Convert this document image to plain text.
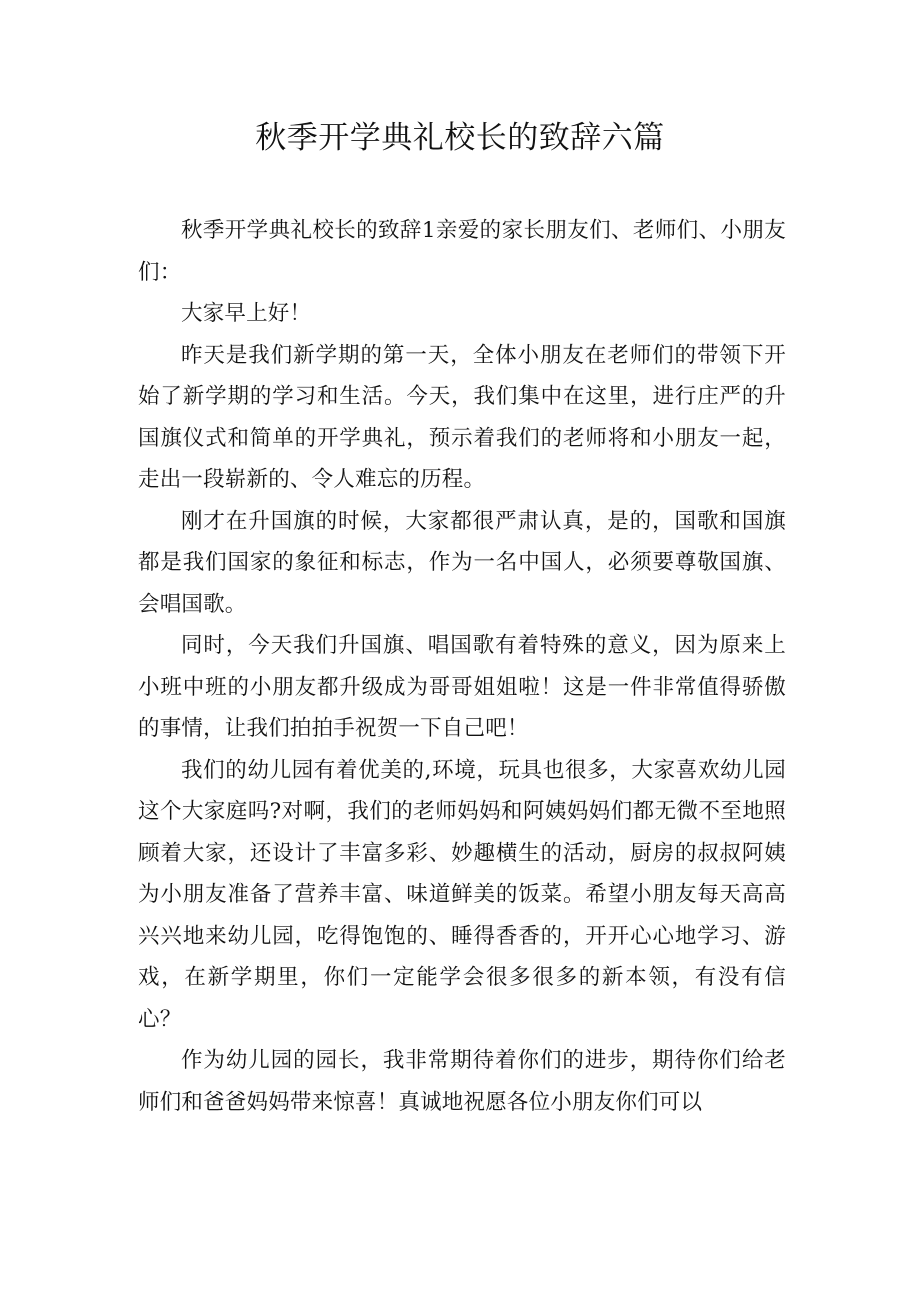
秋季开学典礼校长的致辞六篇

秋季开学典礼校长的致辞1亲爱的家长朋友们、老师们、小朋友们：

大家早上好！

昨天是我们新学期的第一天，全体小朋友在老师们的带领下开始了新学期的学习和生活。今天，我们集中在这里，进行庄严的升国旗仪式和简单的开学典礼，预示着我们的老师将和小朋友一起，走出一段崭新的、令人难忘的历程。

刚才在升国旗的时候，大家都很严肃认真，是的，国歌和国旗都是我们国家的象征和标志，作为一名中国人，必须要尊敬国旗、会唱国歌。

同时，今天我们升国旗、唱国歌有着特殊的意义，因为原来上小班中班的小朋友都升级成为哥哥姐姐啦！这是一件非常值得骄傲的事情，让我们拍拍手祝贺一下自己吧！

我们的幼儿园有着优美的,环境，玩具也很多，大家喜欢幼儿园这个大家庭吗?对啊，我们的老师妈妈和阿姨妈妈们都无微不至地照顾着大家，还设计了丰富多彩、妙趣横生的活动，厨房的叔叔阿姨为小朋友准备了营养丰富、味道鲜美的饭菜。希望小朋友每天高高兴兴地来幼儿园，吃得饱饱的、睡得香香的，开开心心地学习、游戏，在新学期里，你们一定能学会很多很多的新本领，有没有信心？

作为幼儿园的园长，我非常期待着你们的进步，期待你们给老师们和爸爸妈妈带来惊喜！真诚地祝愿各位小朋友你们可以
